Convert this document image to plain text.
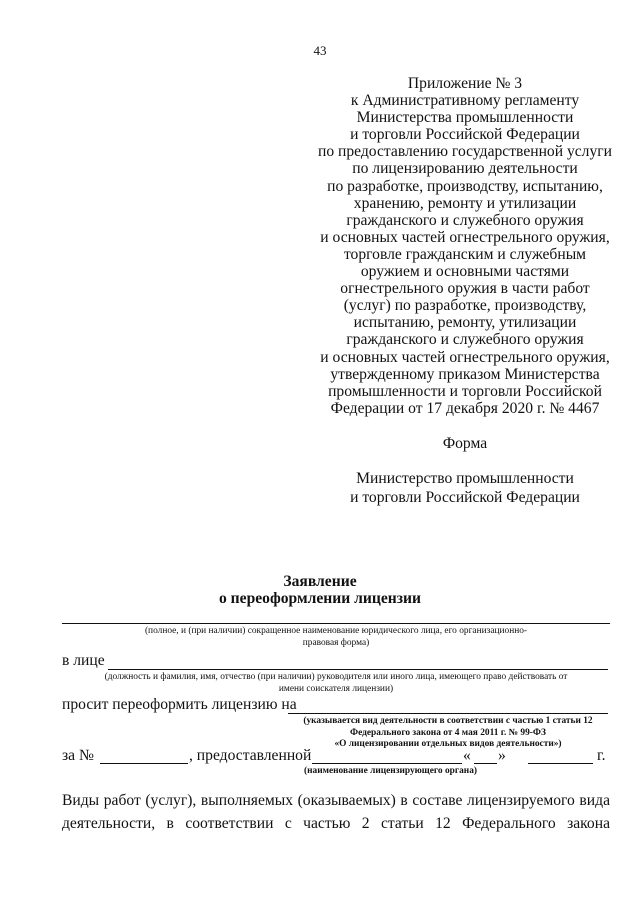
43
Приложение № 3
к Административному регламенту
Министерства промышленности
и торговли Российской Федерации
по предоставлению государственной услуги
по лицензированию деятельности
по разработке, производству, испытанию,
хранению, ремонту и утилизации
гражданского и служебного оружия
и основных частей огнестрельного оружия,
торговле гражданским и служебным
оружием и основными частями
огнестрельного оружия в части работ
(услуг) по разработке, производству,
испытанию, ремонту, утилизации
гражданского и служебного оружия
и основных частей огнестрельного оружия,
утвержденному приказом Министерства
промышленности и торговли Российской
Федерации от 17 декабря 2020 г. № 4467
Форма
Министерство промышленности
и торговли Российской Федерации
Заявление
о переоформлении лицензии
(полное, и (при наличии) сокращенное наименование юридического лица, его организационно-
правовая форма)
в лице
(должность и фамилия, имя, отчество (при наличии) руководителя или иного лица, имеющего право действовать от
имени соискателя лицензии)
просит переоформить лицензию на
(указывается вид деятельности в соответствии с частью 1 статьи 12
Федерального закона от 4 мая 2011 г. № 99-ФЗ
«О лицензировании отдельных видов деятельности»)
за №	, предоставленной	« »	г.
(наименование лицензирующего органа)
Виды работ (услуг), выполняемых (оказываемых) в составе лицензируемого вида
деятельности, в соответствии с частью 2 статьи 12 Федерального закона
